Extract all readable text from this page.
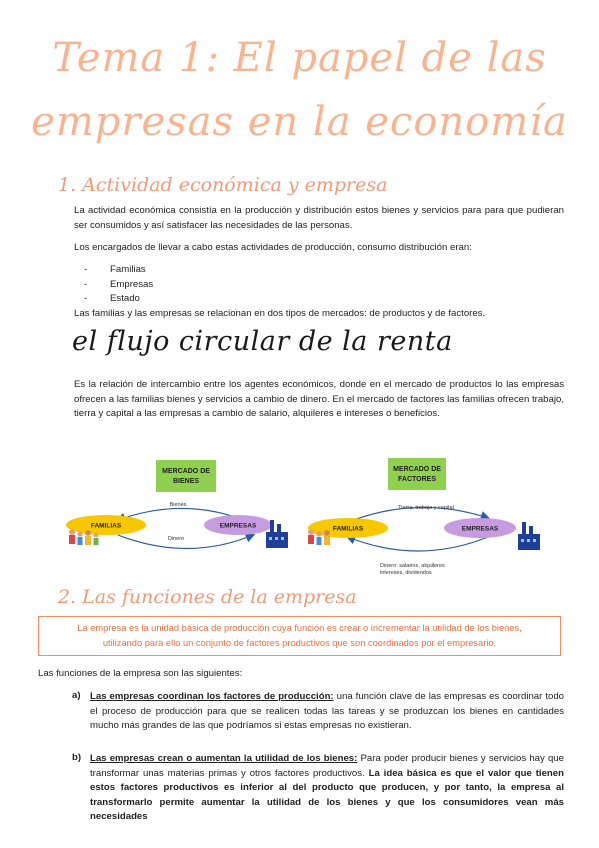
Tema 1: El papel de las
empresas en la economía
1. Actividad económica y empresa
La actividad económica consistía en la producción y distribución estos bienes y servicios para para que pudieran ser consumidos y así satisfacer las necesidades de las personas.
Los encargados de llevar a cabo estas actividades de producción, consumo distribución eran:
- Familias
- Empresas
- Estado
Las familias y las empresas se relacionan en dos tipos de mercados: de productos y de factores.
el flujo circular de la renta
Es la relación de intercambio entre los agentes económicos, donde en el mercado de productos lo las empresas ofrecen a las familias bienes y servicios a cambio de dinero. En el mercado de factores las familias ofrecen trabajo, tierra y capital a las empresas a cambio de salario, alquileres e intereses o beneficios.
MERCADO DE
BIENES
Bienes
Dinero
FAMILIAS	EMPRESAS
MERCADO DE
FACTORES
Tierra, trabajo y capital
Dinero: salarios, alquileres
intereses, dividendos
FAMILIAS	EMPRESAS
2. Las funciones de la empresa
La empresa es la unidad básica de producción cuya función es crear o incrementar la utilidad de los bienes,
utilizando para ello un conjunto de factores productivos que son coordinados por el empresario.
Las funciones de la empresa son las siguientes:
a) Las empresas coordinan los factores de producción: una función clave de las empresas es coordinar todo el proceso de producción para que se realicen todas las tareas y se produzcan los bienes en cantidades mucho más grandes de las que podríamos si estas empresas no existieran.
b) Las empresas crean o aumentan la utilidad de los bienes: Para poder producir bienes y servicios hay que transformar unas materias primas y otros factores productivos. La idea básica es que el valor que tienen estos factores productivos es inferior al del producto que producen, y por tanto, la empresa al transformarlo permite aumentar la utilidad de los bienes y que los consumidores vean más necesidades
